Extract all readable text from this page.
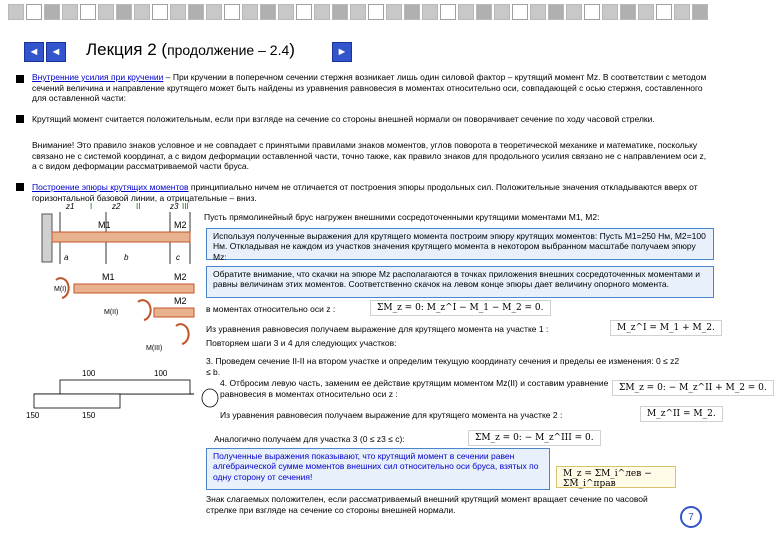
◄	◄ Лекция 2 (продолжение – 2.4)	►
Внутренние усилия при кручении – При кручении в поперечном сечении стержня возникает лишь один силовой фактор – крутящий момент Mz. В соответствии с методом сечений величина и направление крутящего может быть найдены из уравнения равновесия в моментах относительно оси, совпадающей с осью стержня, составленного для оставленной части:
Крутящий момент считается положительным, если при взгляде на сечение со стороны внешней нормали он поворачивает сечение по ходу часовой стрелки.
Внимание! Это правило знаков условное и не совпадает с принятыми правилами знаков моментов, углов поворота в теоретической механике и математике, поскольку связано не с системой координат, а с видом деформации оставленной части, точно также, как правило знаков для продольного усилия связано не с направлением оси z, а с видом деформации рассматриваемой части бруса.
Построение эпюры крутящих моментов принципиально ничем не отличается от построения эпюры продольных сил. Положительные значения откладываются вверх от горизонтальной базовой линии, а отрицательные – вниз.
Пусть прямолинейный брус нагружен внешними сосредоточенными крутящими моментами M1, M2:
Используя полученные выражения для крутящего момента построим эпюру крутящих моментов: Пусть M1=250 Нм, M2=100 Нм. Откладывая не каждом из участков значения крутящего момента в некотором выбранном масштабе получаем эпюру Mz:
Обратите внимание, что скачки на эпюре Mz располагаются в точках приложения внешних сосредоточенных моментами и равны величинам этих моментов. Соответственно скачок на левом конце эпюры дает величину опорного момента.
в моментах относительно оси z :	ΣM_z = 0: M_z^I − M_1 − M_2 = 0.
Из уравнения равновесия получаем выражение для крутящего момента на участке 1 :	M_z^I = M_1 + M_2.
Повторяем шаги 3 и 4 для следующих участков:
3. Проведем сечение II-II на втором участке и определим текущую координату сечения и пределы ее изменения: 0 ≤ z2 ≤ b.
4. Отбросим левую часть, заменим ее действие крутящим моментом Mz(II) и составим уравнение равновесия в моментах относительно оси z :
ΣM_z = 0: − M_z^II + M_2 = 0.
Из уравнения равновесия получаем выражение для крутящего момента на участке 2 :	M_z^II = M_2.
Аналогично получаем для участка 3 (0 ≤ z3 ≤ c):	ΣM_z = 0: − M_z^III = 0.
Полученные выражения показывают, что крутящий момент в сечении равен алгебраической сумме моментов внешних сил относительно оси бруса, взятых по одну сторону от сечения!	M_z = ΣM_i^лев − ΣM_i^прав
Знак слагаемых положителен, если рассматриваемый внешний крутящий момент вращает сечение по часовой стрелке при взгляде на сечение со стороны внешней нормали.
z1	z2	z3
I	II	III
M1	M2
a	b	c
M(I)
M1	M2
M(II)
M2
M(III)
100	100
150	150
7
